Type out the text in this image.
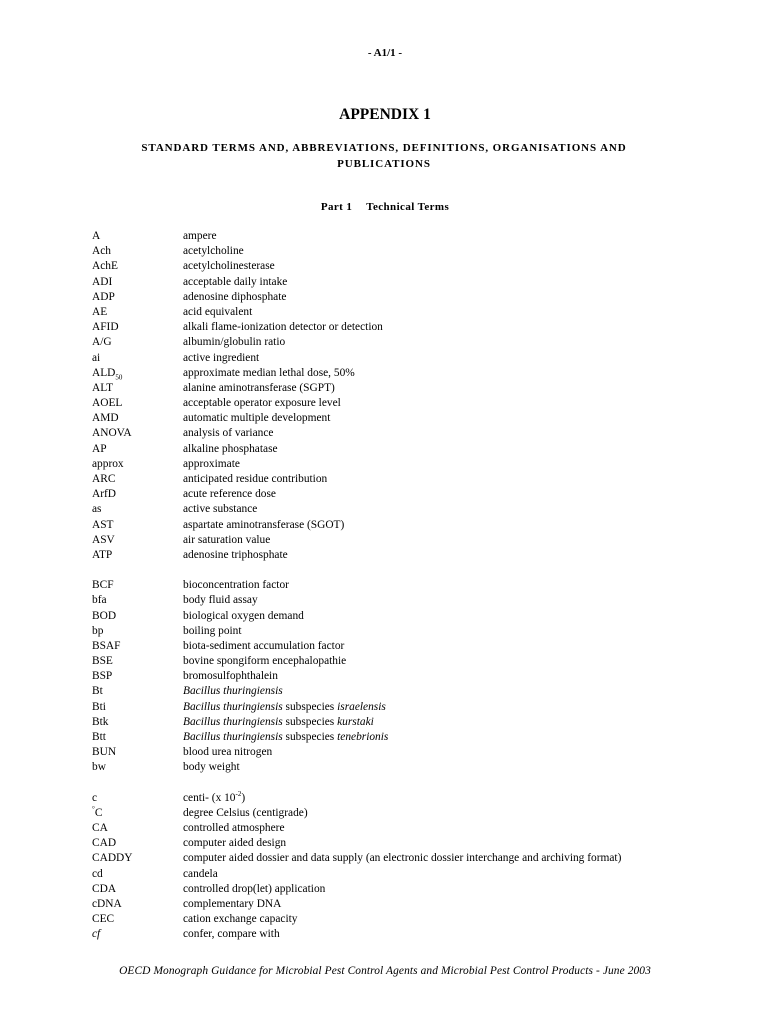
- A1/1 -
APPENDIX 1
STANDARD TERMS AND, ABBREVIATIONS, DEFINITIONS, ORGANISATIONS AND PUBLICATIONS
Part 1 Technical Terms
A	ampere
Ach	acetylcholine
AchE	acetylcholinesterase
ADI	acceptable daily intake
ADP	adenosine diphosphate
AE	acid equivalent
AFID	alkali flame-ionization detector or detection
A/G	albumin/globulin ratio
ai	active ingredient
$ALD_{50}$	approximate median lethal dose, 50%
ALT	alanine aminotransferase (SGPT)
AOEL	acceptable operator exposure level
AMD	automatic multiple development
ANOVA	analysis of variance
AP	alkaline phosphatase
approx	approximate
ARC	anticipated residue contribution
ArfD	acute reference dose
as	active substance
AST	aspartate aminotransferase (SGOT)
ASV	air saturation value
ATP	adenosine triphosphate
BCF	bioconcentration factor
bfa	body fluid assay
BOD	biological oxygen demand
bp	boiling point
BSAF	biota-sediment accumulation factor
BSE	bovine spongiform encephalopathie
BSP	bromosulfophthalein
Bt	Bacillus thuringiensis
Bti	Bacillus thuringiensis subspecies israelensis
Btk	Bacillus thuringiensis subspecies kurstaki
Btt	Bacillus thuringiensis subspecies tenebrionis
BUN	blood urea nitrogen
bw	body weight
c	centi- (x $10^{-2}$)
°C	degree Celsius (centigrade)
CA	controlled atmosphere
CAD	computer aided design
CADDY	computer aided dossier and data supply (an electronic dossier interchange and archiving format)
cd	candela
CDA	controlled drop(let) application
cDNA	complementary DNA
CEC	cation exchange capacity
cf	confer, compare with
OECD Monograph Guidance for Microbial Pest Control Agents and Microbial Pest Control Products - June 2003
